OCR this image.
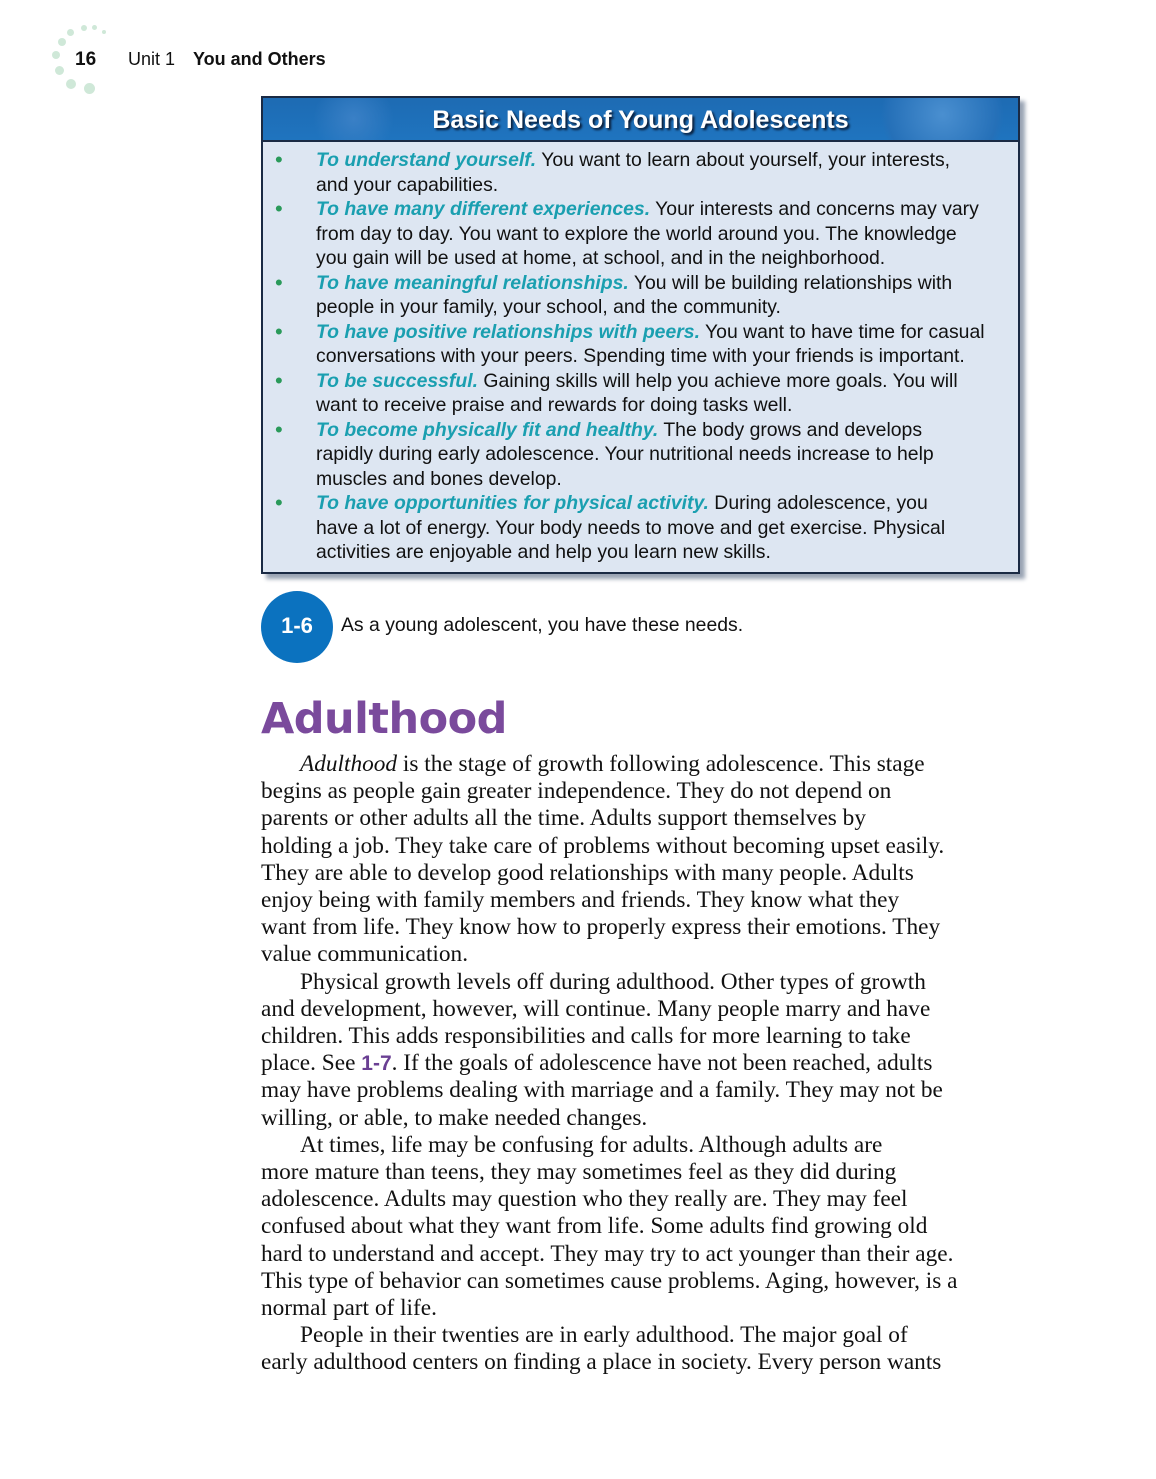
16 Unit 1 You and Others
Basic Needs of Young Adolescents
• To understand yourself. You want to learn about yourself, your interests,
and your capabilities.
• To have many different experiences. Your interests and concerns may vary
from day to day. You want to explore the world around you. The knowledge
you gain will be used at home, at school, and in the neighborhood.
• To have meaningful relationships. You will be building relationships with
people in your family, your school, and the community.
• To have positive relationships with peers. You want to have time for casual
conversations with your peers. Spending time with your friends is important.
• To be successful. Gaining skills will help you achieve more goals. You will
want to receive praise and rewards for doing tasks well.
• To become physically fit and healthy. The body grows and develops
rapidly during early adolescence. Your nutritional needs increase to help
muscles and bones develop.
• To have opportunities for physical activity. During adolescence, you
have a lot of energy. Your body needs to move and get exercise. Physical
activities are enjoyable and help you learn new skills.
1-6	As a young adolescent, you have these needs.
Adulthood
Adulthood is the stage of growth following adolescence. This stage
begins as people gain greater independence. They do not depend on
parents or other adults all the time. Adults support themselves by
holding a job. They take care of problems without becoming upset easily.
They are able to develop good relationships with many people. Adults
enjoy being with family members and friends. They know what they
want from life. They know how to properly express their emotions. They
value communication.
Physical growth levels off during adulthood. Other types of growth
and development, however, will continue. Many people marry and have
children. This adds responsibilities and calls for more learning to take
place. See 1-7. If the goals of adolescence have not been reached, adults
may have problems dealing with marriage and a family. They may not be
willing, or able, to make needed changes.
At times, life may be confusing for adults. Although adults are
more mature than teens, they may sometimes feel as they did during
adolescence. Adults may question who they really are. They may feel
confused about what they want from life. Some adults find growing old
hard to understand and accept. They may try to act younger than their age.
This type of behavior can sometimes cause problems. Aging, however, is a
normal part of life.
People in their twenties are in early adulthood. The major goal of
early adulthood centers on finding a place in society. Every person wants
